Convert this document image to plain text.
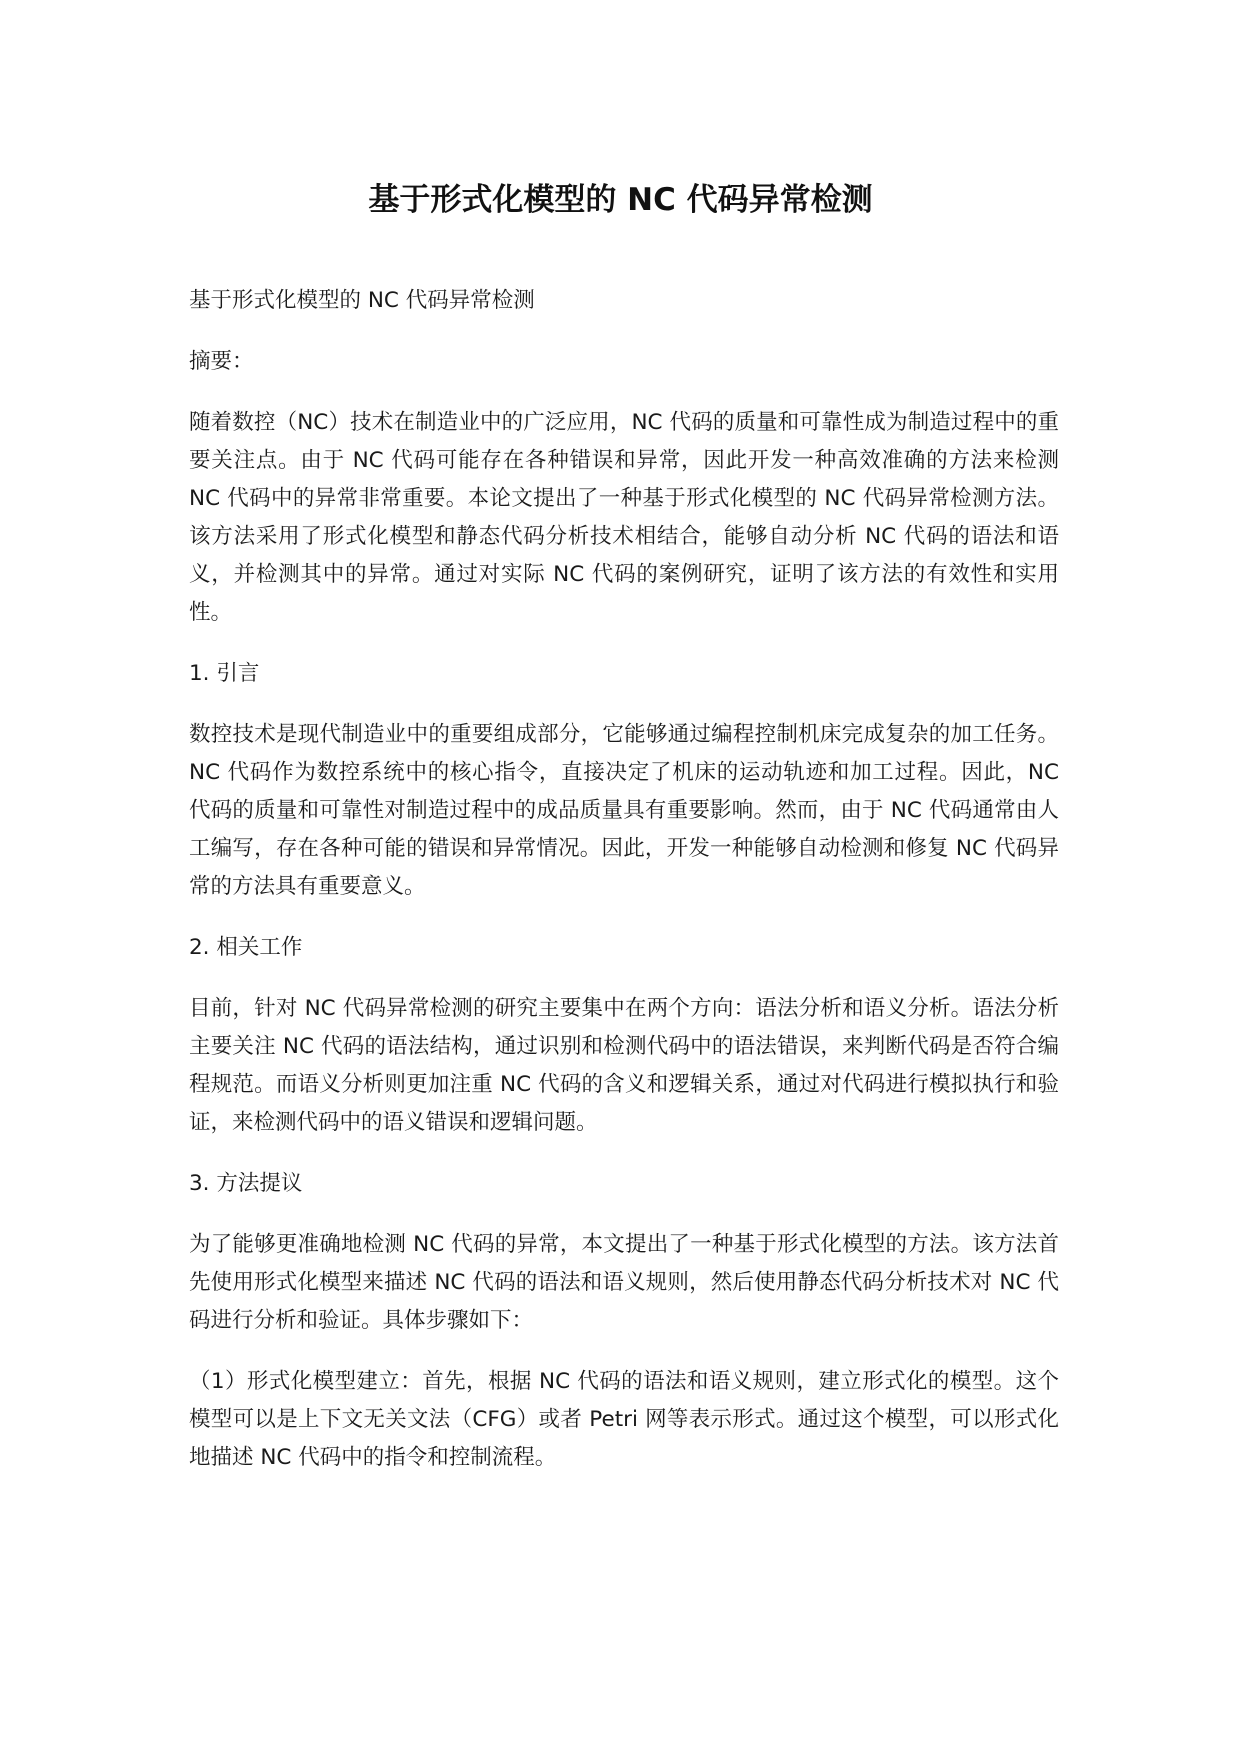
基于形式化模型的 NC 代码异常检测

基于形式化模型的 NC 代码异常检测

摘要：

随着数控（NC）技术在制造业中的广泛应用，NC 代码的质量和可靠性成为制造过程中的重要关注点。由于 NC 代码可能存在各种错误和异常，因此开发一种高效准确的方法来检测 NC 代码中的异常非常重要。本论文提出了一种基于形式化模型的 NC 代码异常检测方法。该方法采用了形式化模型和静态代码分析技术相结合，能够自动分析 NC 代码的语法和语义，并检测其中的异常。通过对实际 NC 代码的案例研究，证明了该方法的有效性和实用性。

1. 引言

数控技术是现代制造业中的重要组成部分，它能够通过编程控制机床完成复杂的加工任务。NC 代码作为数控系统中的核心指令，直接决定了机床的运动轨迹和加工过程。因此，NC 代码的质量和可靠性对制造过程中的成品质量具有重要影响。然而，由于 NC 代码通常由人工编写，存在各种可能的错误和异常情况。因此，开发一种能够自动检测和修复 NC 代码异常的方法具有重要意义。

2. 相关工作

目前，针对 NC 代码异常检测的研究主要集中在两个方向：语法分析和语义分析。语法分析主要关注 NC 代码的语法结构，通过识别和检测代码中的语法错误，来判断代码是否符合编程规范。而语义分析则更加注重 NC 代码的含义和逻辑关系，通过对代码进行模拟执行和验证，来检测代码中的语义错误和逻辑问题。

3. 方法提议

为了能够更准确地检测 NC 代码的异常，本文提出了一种基于形式化模型的方法。该方法首先使用形式化模型来描述 NC 代码的语法和语义规则，然后使用静态代码分析技术对 NC 代码进行分析和验证。具体步骤如下：

（1）形式化模型建立：首先，根据 NC 代码的语法和语义规则，建立形式化的模型。这个模型可以是上下文无关文法（CFG）或者 Petri 网等表示形式。通过这个模型，可以形式化地描述 NC 代码中的指令和控制流程。
